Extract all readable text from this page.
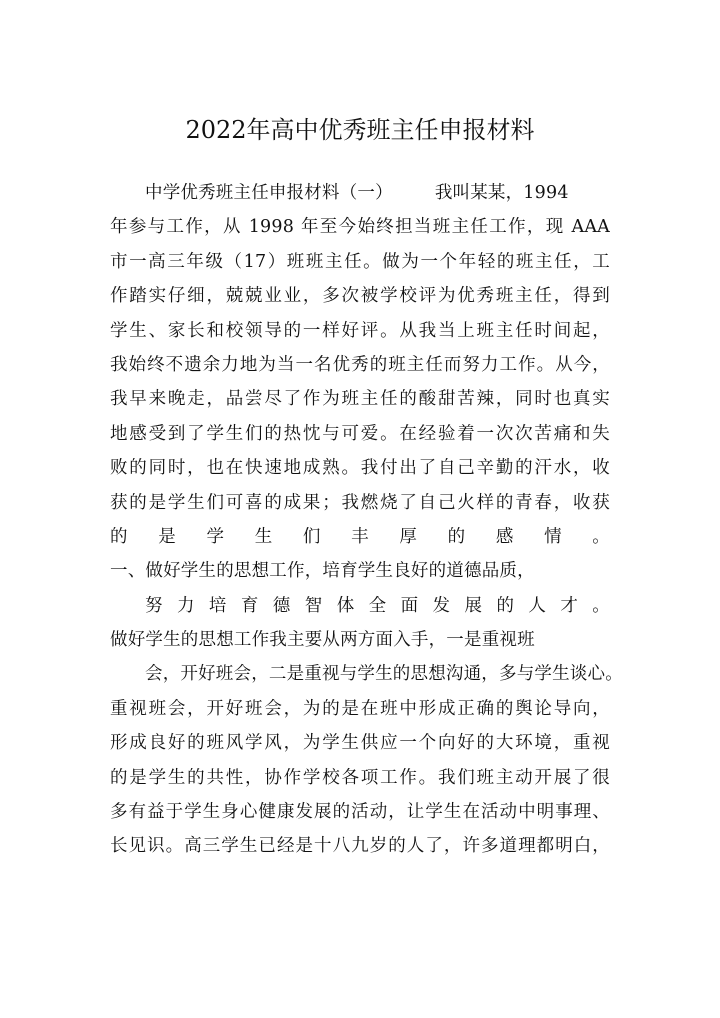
2022年高中优秀班主任申报材料
中学优秀班主任申报材料（一） 我叫某某，1994
年参与工作，从 1998 年至今始终担当班主任工作，现 AAA
市一高三年级（17）班班主任。做为一个年轻的班主任，工
作踏实仔细，兢兢业业，多次被学校评为优秀班主任，得到
学生、家长和校领导的一样好评。从我当上班主任时间起，
我始终不遗余力地为当一名优秀的班主任而努力工作。从今，
我早来晚走，品尝尽了作为班主任的酸甜苦辣，同时也真实
地感受到了学生们的热忱与可爱。在经验着一次次苦痛和失
败的同时，也在快速地成熟。我付出了自己辛勤的汗水，收
获的是学生们可喜的成果；我燃烧了自己火样的青春，收获
的是学生们丰厚的感情。
一、做好学生的思想工作，培育学生良好的道德品质，
努力培育德智体全面发展的人才。
做好学生的思想工作我主要从两方面入手，一是重视班
会，开好班会，二是重视与学生的思想沟通，多与学生谈心。
重视班会，开好班会，为的是在班中形成正确的舆论导向，
形成良好的班风学风，为学生供应一个向好的大环境，重视
的是学生的共性，协作学校各项工作。我们班主动开展了很
多有益于学生身心健康发展的活动，让学生在活动中明事理、
长见识。高三学生已经是十八九岁的人了，许多道理都明白，
